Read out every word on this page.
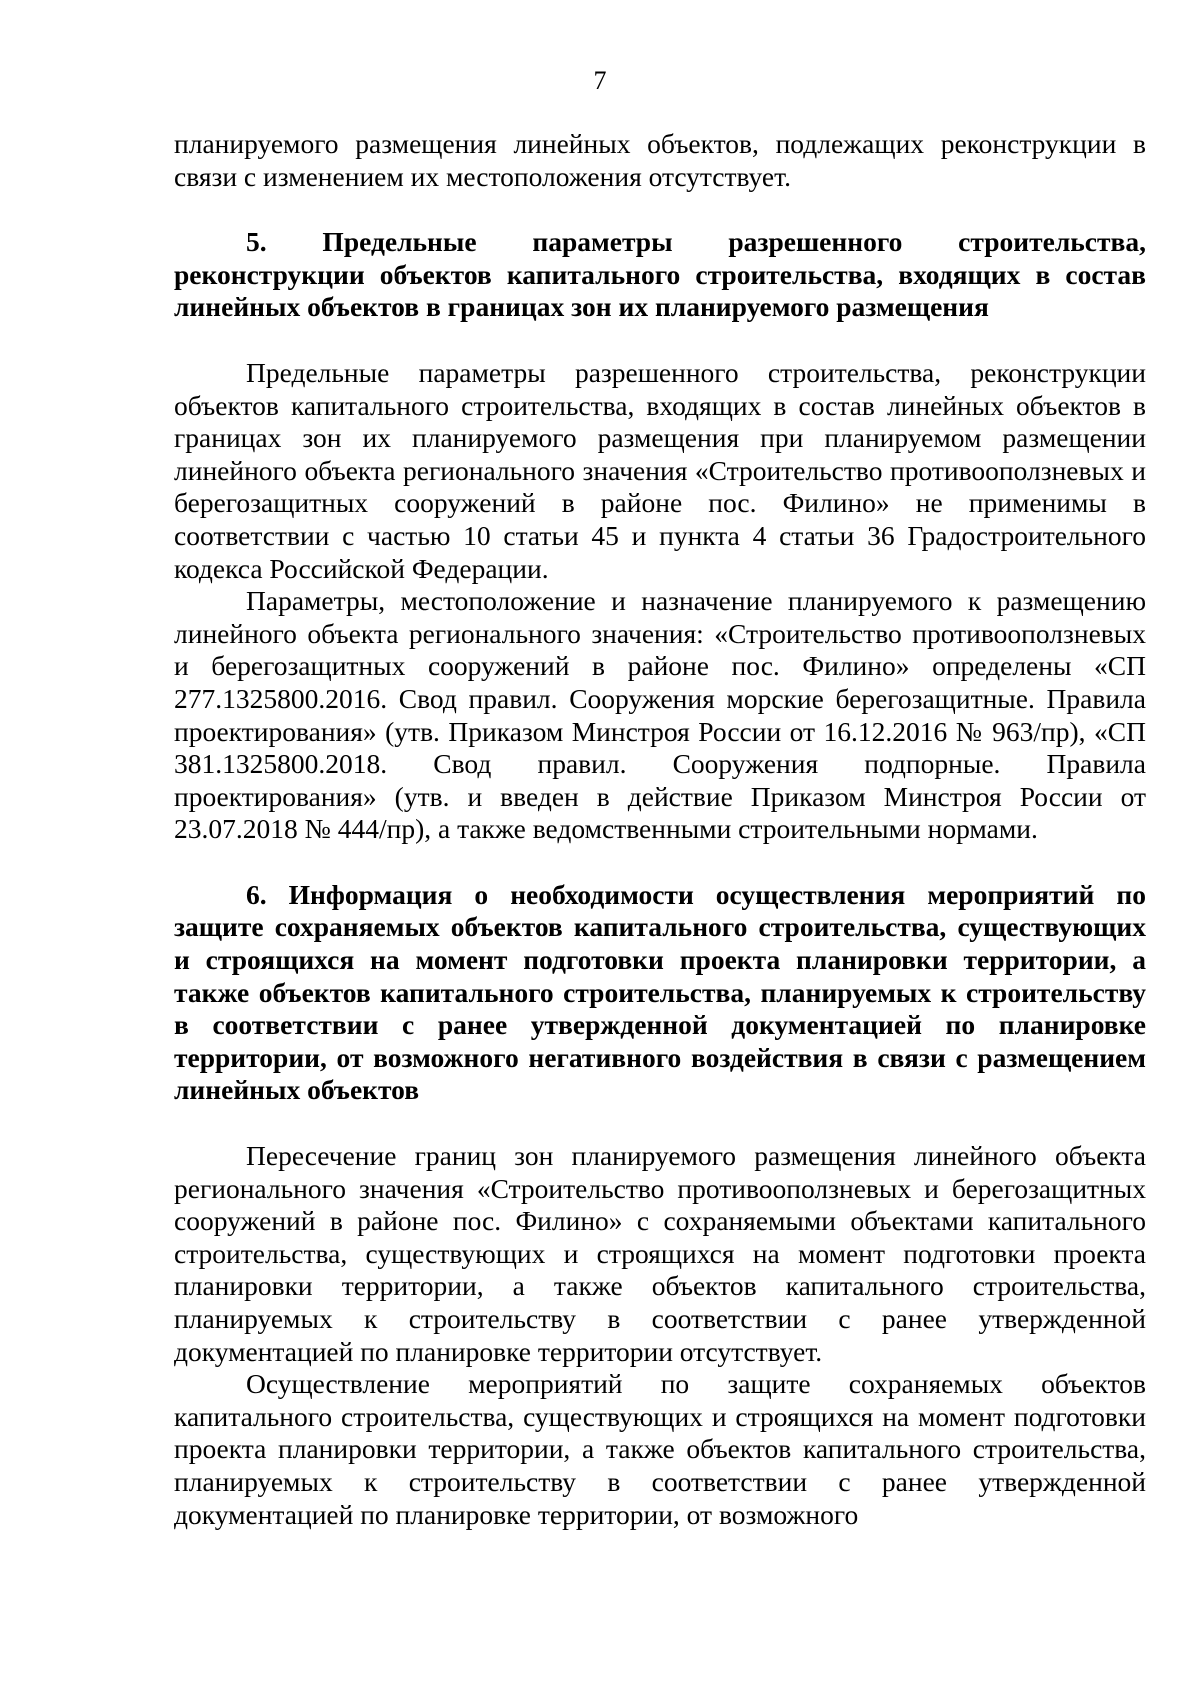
7

планируемого размещения линейных объектов, подлежащих реконструкции в связи с изменением их местоположения отсутствует.

5. Предельные параметры разрешенного строительства, реконструкции объектов капитального строительства, входящих в состав линейных объектов в границах зон их планируемого размещения

Предельные параметры разрешенного строительства, реконструкции объектов капитального строительства, входящих в состав линейных объектов в границах зон их планируемого размещения при планируемом размещении линейного объекта регионального значения «Строительство противооползневых и берегозащитных сооружений в районе пос. Филино» не применимы в соответствии с частью 10 статьи 45 и пункта 4 статьи 36 Градостроительного кодекса Российской Федерации.

Параметры, местоположение и назначение планируемого к размещению линейного объекта регионального значения: «Строительство противооползневых и берегозащитных сооружений в районе пос. Филино» определены «СП 277.1325800.2016. Свод правил. Сооружения морские берегозащитные. Правила проектирования» (утв. Приказом Минстроя России от 16.12.2016 № 963/пр), «СП 381.1325800.2018. Свод правил. Сооружения подпорные. Правила проектирования» (утв. и введен в действие Приказом Минстроя России от 23.07.2018 № 444/пр), а также ведомственными строительными нормами.

6. Информация о необходимости осуществления мероприятий по защите сохраняемых объектов капитального строительства, существующих и строящихся на момент подготовки проекта планировки территории, а также объектов капитального строительства, планируемых к строительству в соответствии с ранее утвержденной документацией по планировке территории, от возможного негативного воздействия в связи с размещением линейных объектов

Пересечение границ зон планируемого размещения линейного объекта регионального значения «Строительство противооползневых и берегозащитных сооружений в районе пос. Филино» с сохраняемыми объектами капитального строительства, существующих и строящихся на момент подготовки проекта планировки территории, а также объектов капитального строительства, планируемых к строительству в соответствии с ранее утвержденной документацией по планировке территории отсутствует.

Осуществление мероприятий по защите сохраняемых объектов капитального строительства, существующих и строящихся на момент подготовки проекта планировки территории, а также объектов капитального строительства, планируемых к строительству в соответствии с ранее утвержденной документацией по планировке территории, от возможного
